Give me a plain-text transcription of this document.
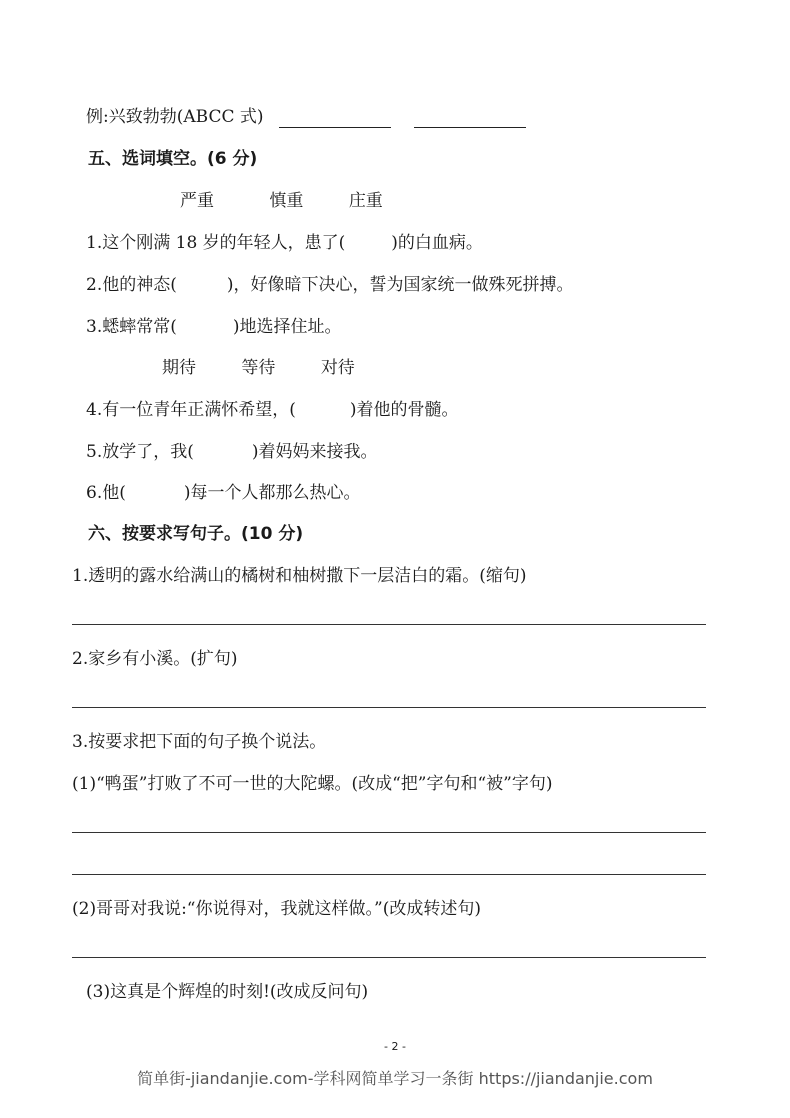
例:兴致勃勃(ABCC 式)
五、选词填空。(6 分)
严重	慎重	庄重
1.这个刚满 18 岁的年轻人，患了(	)的白血病。
2.他的神态(	)，好像暗下决心，誓为国家统一做殊死拼搏。
3.蟋蟀常常(	)地选择住址。
期待	等待	对待
4.有一位青年正满怀希望，(	)着他的骨髓。
5.放学了，我(	)着妈妈来接我。
6.他(	)每一个人都那么热心。
六、按要求写句子。(10 分)
1.透明的露水给满山的橘树和柚树撒下一层洁白的霜。(缩句)
2.家乡有小溪。(扩句)
3.按要求把下面的句子换个说法。
(1)“鸭蛋”打败了不可一世的大陀螺。(改成“把”字句和“被”字句)
(2)哥哥对我说:“你说得对，我就这样做。”(改成转述句)
(3)这真是个辉煌的时刻!(改成反问句)
- 2 -
简单街-jiandanjie.com-学科网简单学习一条街 https://jiandanjie.com
